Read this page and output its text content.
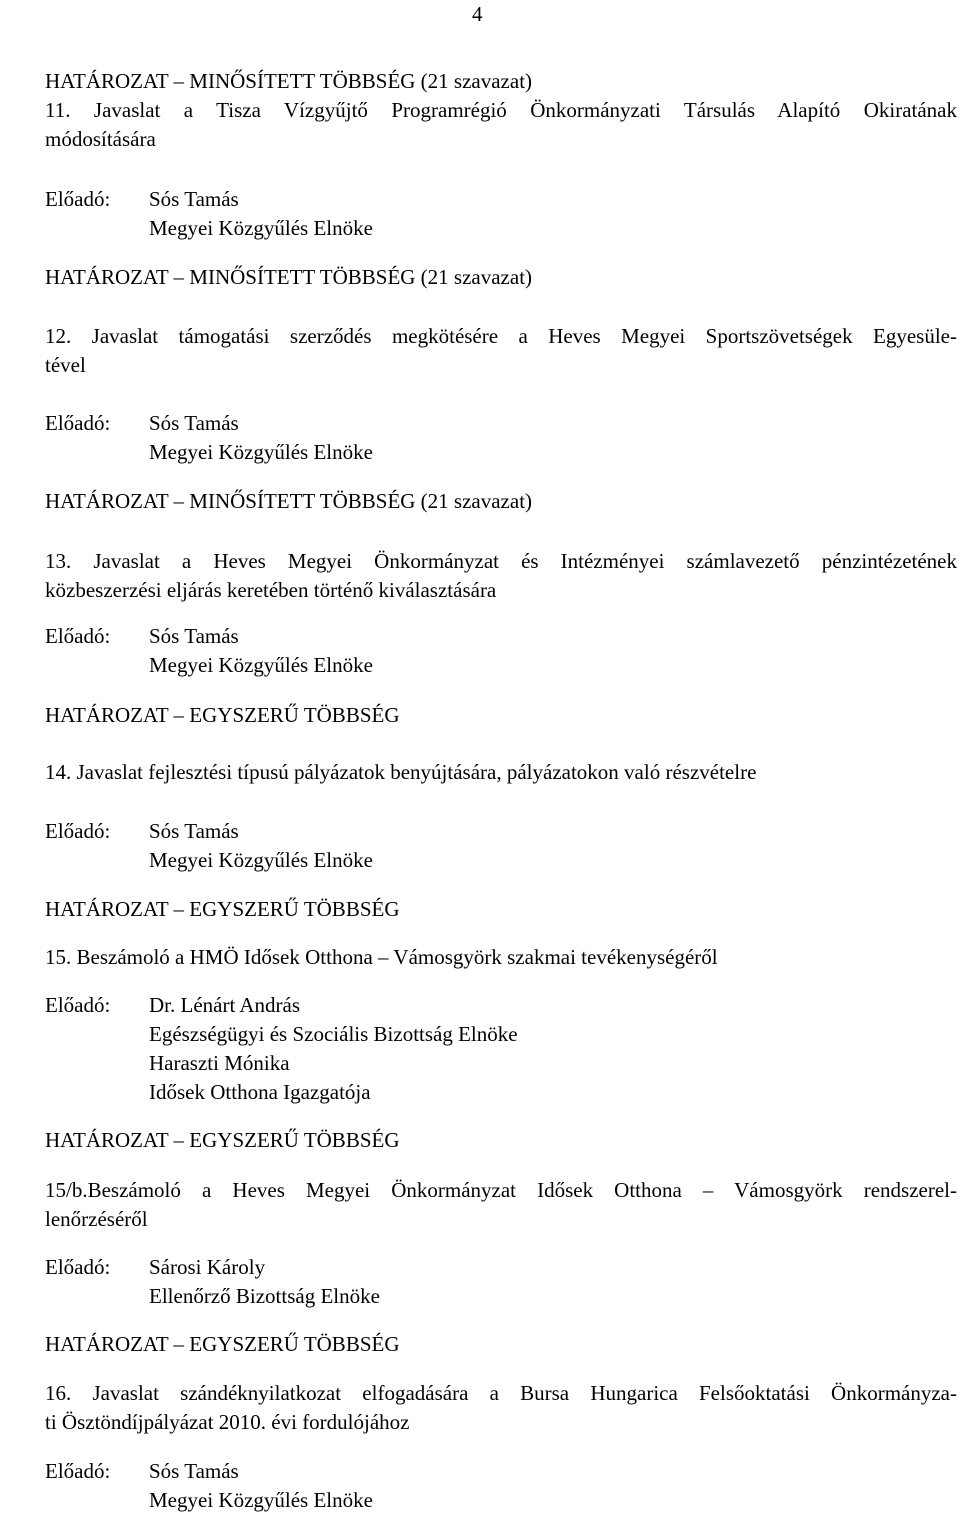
4
HATÁROZAT – MINŐSÍTETT TÖBBSÉG (21 szavazat)
11. Javaslat a Tisza Vízgyűjtő Programrégió Önkormányzati Társulás Alapító Okiratának
módosítására
Előadó: Sós Tamás
Megyei Közgyűlés Elnöke
HATÁROZAT – MINŐSÍTETT TÖBBSÉG (21 szavazat)
12. Javaslat támogatási szerződés megkötésére a Heves Megyei Sportszövetségek Egyesüle-
tével
Előadó: Sós Tamás
Megyei Közgyűlés Elnöke
HATÁROZAT – MINŐSÍTETT TÖBBSÉG (21 szavazat)
13. Javaslat a Heves Megyei Önkormányzat és Intézményei számlavezető pénzintézetének
közbeszerzési eljárás keretében történő kiválasztására
Előadó: Sós Tamás
Megyei Közgyűlés Elnöke
HATÁROZAT – EGYSZERŰ TÖBBSÉG
14. Javaslat fejlesztési típusú pályázatok benyújtására, pályázatokon való részvételre
Előadó: Sós Tamás
Megyei Közgyűlés Elnöke
HATÁROZAT – EGYSZERŰ TÖBBSÉG
15. Beszámoló a HMÖ Idősek Otthona – Vámosgyörk szakmai tevékenységéről
Előadó: Dr. Lénárt András
Egészségügyi és Szociális Bizottság Elnöke
Haraszti Mónika
Idősek Otthona Igazgatója
HATÁROZAT – EGYSZERŰ TÖBBSÉG
15/b.Beszámoló a Heves Megyei Önkormányzat Idősek Otthona – Vámosgyörk rendszerel-
lenőrzéséről
Előadó: Sárosi Károly
Ellenőrző Bizottság Elnöke
HATÁROZAT – EGYSZERŰ TÖBBSÉG
16. Javaslat szándéknyilatkozat elfogadására a Bursa Hungarica Felsőoktatási Önkormányza-
ti Ösztöndíjpályázat 2010. évi fordulójához
Előadó: Sós Tamás
Megyei Közgyűlés Elnöke
